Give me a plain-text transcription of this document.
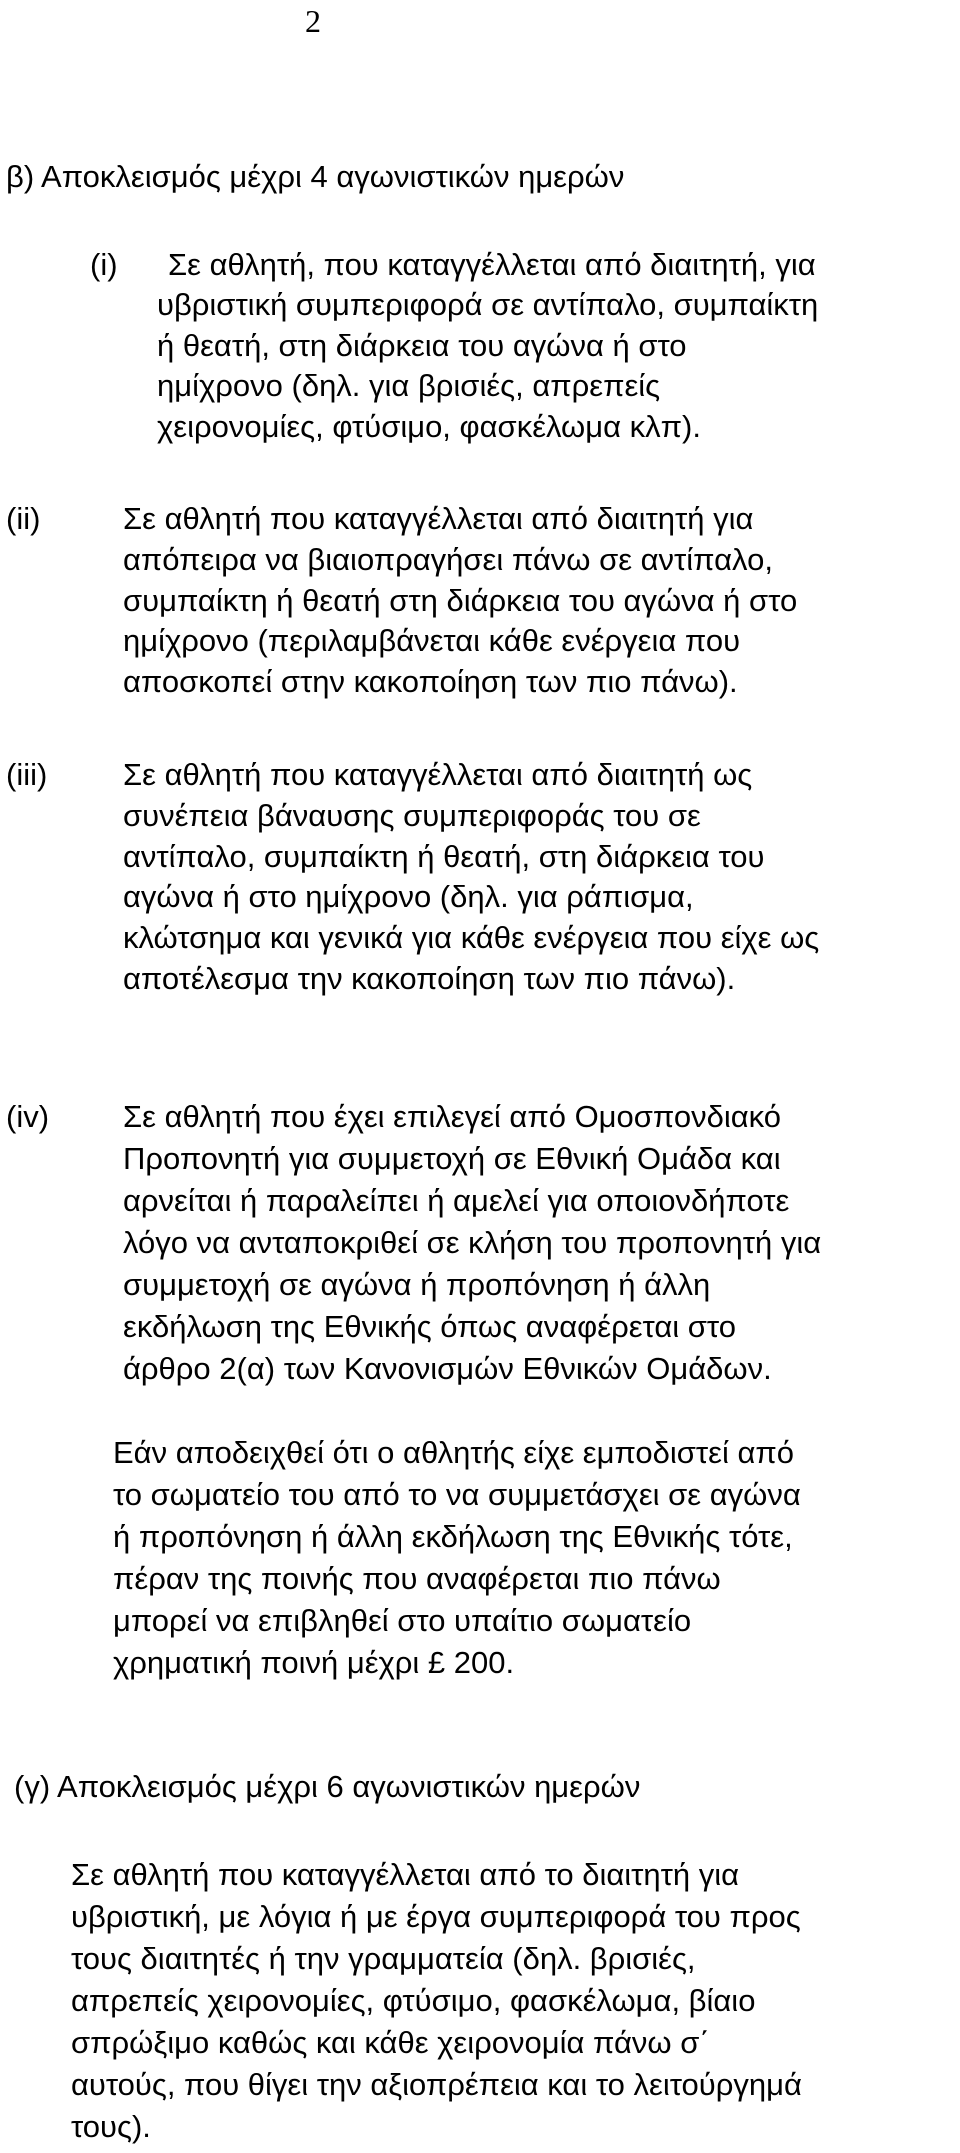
2
β) Αποκλεισμός μέχρι 4 αγωνιστικών ημερών
(i) Σε αθλητή, που καταγγέλλεται από διαιτητή, για
υβριστική συμπεριφορά σε αντίπαλο, συμπαίκτη
ή θεατή, στη διάρκεια του αγώνα ή στο
ημίχρονο (δηλ. για βρισιές, απρεπείς
χειρονομίες, φτύσιμο, φασκέλωμα κλπ).
(ii)	Σε αθλητή που καταγγέλλεται από διαιτητή για
απόπειρα να βιαιοπραγήσει πάνω σε αντίπαλο,
συμπαίκτη ή θεατή στη διάρκεια του αγώνα ή στο
ημίχρονο (περιλαμβάνεται κάθε ενέργεια που
αποσκοπεί στην κακοποίηση των πιο πάνω).
(iii) Σε αθλητή που καταγγέλλεται από διαιτητή ως
συνέπεια βάναυσης συμπεριφοράς του σε
αντίπαλο, συμπαίκτη ή θεατή, στη διάρκεια του
αγώνα ή στο ημίχρονο (δηλ. για ράπισμα,
κλώτσημα και γενικά για κάθε ενέργεια που είχε ως
αποτέλεσμα την κακοποίηση των πιο πάνω).
(iv) Σε αθλητή που έχει επιλεγεί από Ομοσπονδιακό
Προπονητή για συμμετοχή σε Εθνική Ομάδα και
αρνείται ή παραλείπει ή αμελεί για οποιονδήποτε
λόγο να ανταποκριθεί σε κλήση του προπονητή για
συμμετοχή σε αγώνα ή προπόνηση ή άλλη
εκδήλωση της Εθνικής όπως αναφέρεται στο
άρθρο 2(α) των Κανονισμών Εθνικών Ομάδων.
Εάν αποδειχθεί ότι ο αθλητής είχε εμποδιστεί από
το σωματείο του από το να συμμετάσχει σε αγώνα
ή προπόνηση ή άλλη εκδήλωση της Εθνικής τότε,
πέραν της ποινής που αναφέρεται πιο πάνω
μπορεί να επιβληθεί στο υπαίτιο σωματείο
χρηματική ποινή μέχρι £ 200.
(γ) Αποκλεισμός μέχρι 6 αγωνιστικών ημερών
Σε αθλητή που καταγγέλλεται από το διαιτητή για
υβριστική, με λόγια ή με έργα συμπεριφορά του προς
τους διαιτητές ή την γραμματεία (δηλ. βρισιές,
απρεπείς χειρονομίες, φτύσιμο, φασκέλωμα, βίαιο
σπρώξιμο καθώς και κάθε χειρονομία πάνω σ΄
αυτούς, που θίγει την αξιοπρέπεια και το λειτούργημά
τους).
